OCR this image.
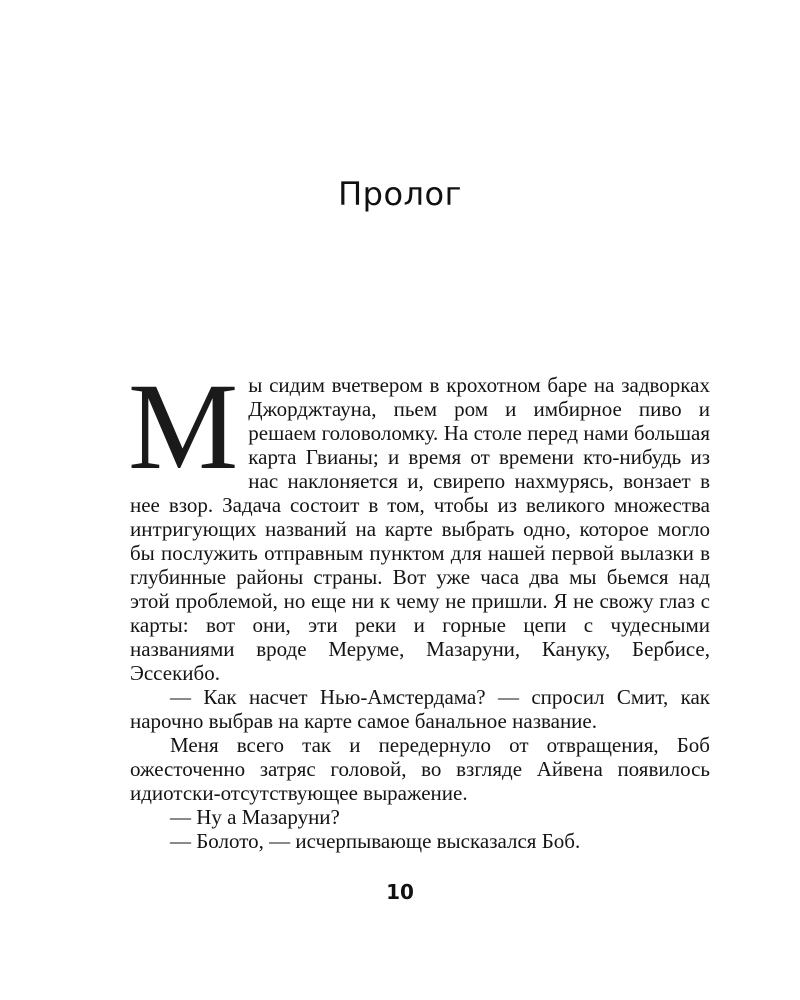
Пролог

Мы сидим вчетвером в крохотном баре на задворках Джорджтауна, пьем ром и имбирное пиво и решаем головоломку. На столе перед нами большая карта Гвианы; и время от времени кто-нибудь из нас наклоняется и, свирепо нахмурясь, вонзает в нее взор. Задача состоит в том, чтобы из великого множества интригующих названий на карте выбрать одно, которое могло бы послужить отправным пунктом для нашей первой вылазки в глубинные районы страны. Вот уже часа два мы бьемся над этой проблемой, но еще ни к чему не пришли. Я не свожу глаз с карты: вот они, эти реки и горные цепи с чудесными названиями вроде Меруме, Мазаруни, Кануку, Бербисе, Эссекибо.

— Как насчет Нью-Амстердама? — спросил Смит, как нарочно выбрав на карте самое банальное название.

Меня всего так и передернуло от отвращения, Боб ожесточенно затряс головой, во взгляде Айвена появилось идиотски-отсутствующее выражение.

— Ну а Мазаруни?

— Болото, — исчерпывающе высказался Боб.

10
